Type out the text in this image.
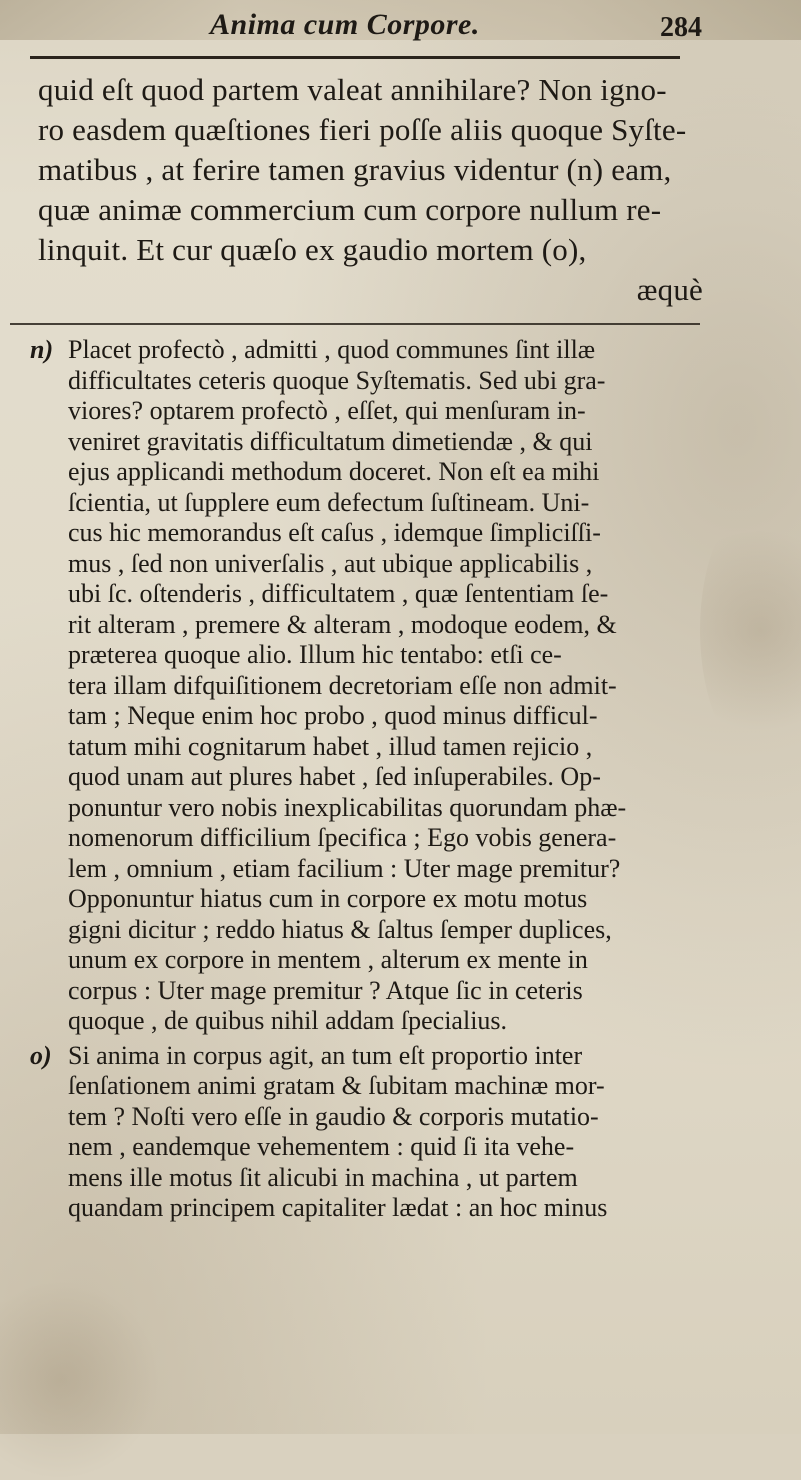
Anima cum Corpore.	284
quid eſt quod partem valeat annihilare? Non igno-
ro easdem quæſtiones fieri poſſe aliis quoque Syſte-
matibus , at ferire tamen gravius videntur (n) eam,
quæ animæ commercium cum corpore nullum re-
linquit. Et cur quæſo ex gaudio mortem (o),
æquè
n) Placet profectò , admitti , quod communes ſint illæ
difficultates ceteris quoque Syſtematis. Sed ubi gra-
viores? optarem profectò , eſſet, qui menſuram in-
veniret gravitatis difficultatum dimetiendæ , & qui
ejus applicandi methodum doceret. Non eſt ea mihi
ſcientia, ut ſupplere eum defectum ſuſtineam. Uni-
cus hic memorandus eſt caſus , idemque ſimpliciſſi-
mus , ſed non univerſalis , aut ubique applicabilis ,
ubi ſc. oſtenderis , difficultatem , quæ ſententiam ſe-
rit alteram , premere & alteram , modoque eodem, &
præterea quoque alio. Illum hic tentabo: etſi ce-
tera illam difquiſitionem decretoriam eſſe non admit-
tam ; Neque enim hoc probo , quod minus difficul-
tatum mihi cognitarum habet , illud tamen rejicio ,
quod unam aut plures habet , ſed inſuperabiles. Op-
ponuntur vero nobis inexplicabilitas quorundam phæ-
nomenorum difficilium ſpecifica ; Ego vobis genera-
lem , omnium , etiam facilium : Uter mage premitur?
Opponuntur hiatus cum in corpore ex motu motus
gigni dicitur ; reddo hiatus & ſaltus ſemper duplices,
unum ex corpore in mentem , alterum ex mente in
corpus : Uter mage premitur ? Atque ſic in ceteris
quoque , de quibus nihil addam ſpecialius.
o) Si anima in corpus agit, an tum eſt proportio inter
ſenſationem animi gratam & ſubitam machinæ mor-
tem ? Noſti vero eſſe in gaudio & corporis mutatio-
nem , eandemque vehementem : quid ſi ita vehe-
mens ille motus ſit alicubi in machina , ut partem
quandam principem capitaliter lædat : an hoc minus
